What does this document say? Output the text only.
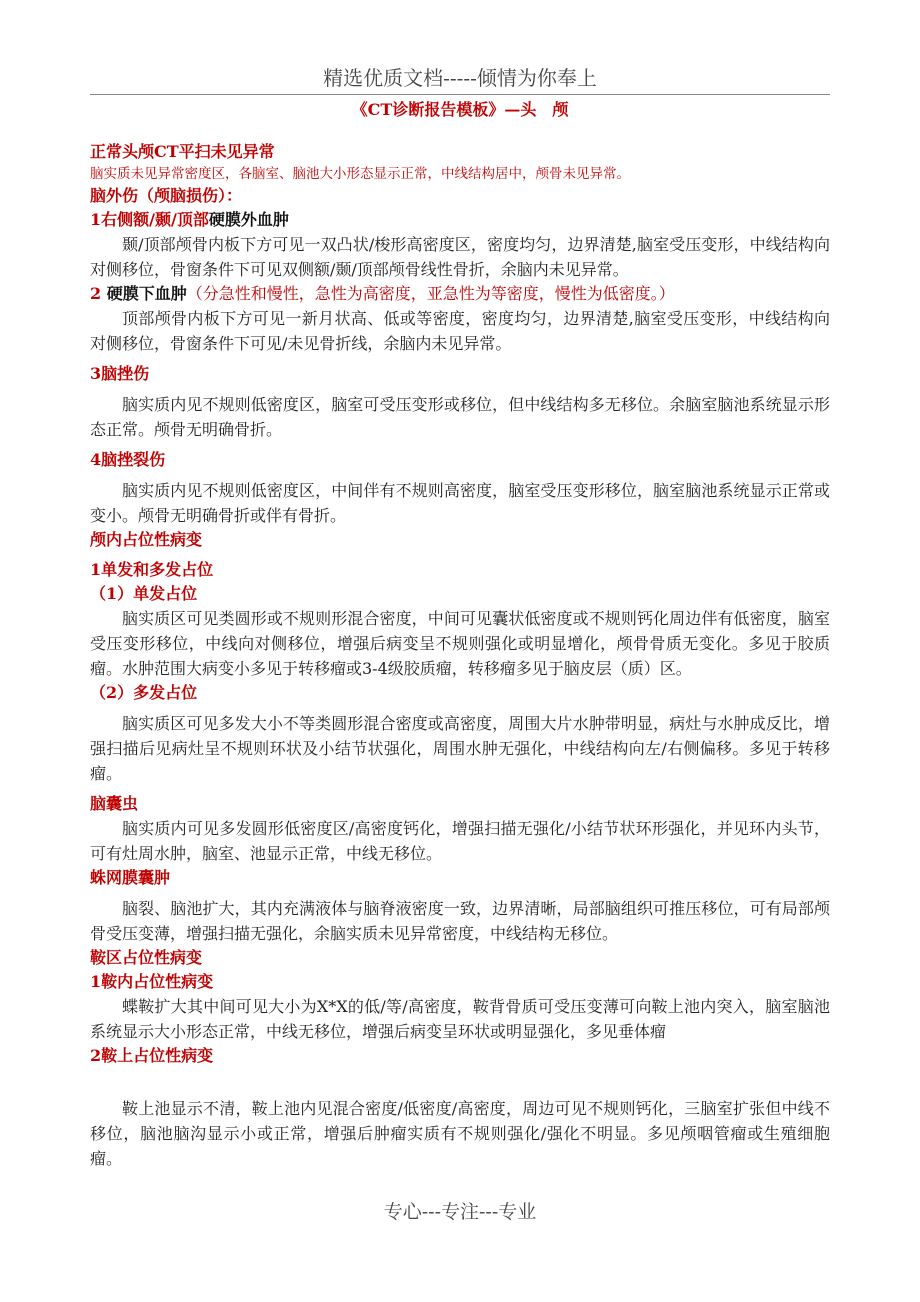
精选优质文档-----倾情为你奉上
《CT诊断报告模板》—头　颅
正常头颅CT平扫未见异常
脑实质未见异常密度区，各脑室、脑池大小形态显示正常，中线结构居中，颅骨未见异常。
脑外伤（颅脑损伤）：
1右侧额/颞/顶部硬膜外血肿
颞/顶部颅骨内板下方可见一双凸状/梭形高密度区，密度均匀，边界清楚,脑室受压变形，中线结构向对侧移位，骨窗条件下可见双侧额/颞/顶部颅骨线性骨折，余脑内未见异常。
2 硬膜下血肿（分急性和慢性，急性为高密度，亚急性为等密度，慢性为低密度。）
顶部颅骨内板下方可见一新月状高、低或等密度，密度均匀，边界清楚,脑室受压变形，中线结构向对侧移位，骨窗条件下可见/未见骨折线，余脑内未见异常。
3脑挫伤
脑实质内见不规则低密度区，脑室可受压变形或移位，但中线结构多无移位。余脑室脑池系统显示形态正常。颅骨无明确骨折。
4脑挫裂伤
脑实质内见不规则低密度区，中间伴有不规则高密度，脑室受压变形移位，脑室脑池系统显示正常或变小。颅骨无明确骨折或伴有骨折。
颅内占位性病变
1单发和多发占位
（1）单发占位
脑实质区可见类圆形或不规则形混合密度，中间可见囊状低密度或不规则钙化周边伴有低密度，脑室受压变形移位，中线向对侧移位，增强后病变呈不规则强化或明显增化，颅骨骨质无变化。多见于胶质瘤。水肿范围大病变小多见于转移瘤或3-4级胶质瘤，转移瘤多见于脑皮层（质）区。
（2）多发占位
脑实质区可见多发大小不等类圆形混合密度或高密度，周围大片水肿带明显，病灶与水肿成反比，增强扫描后见病灶呈不规则环状及小结节状强化，周围水肿无强化，中线结构向左/右侧偏移。多见于转移瘤。
脑囊虫
脑实质内可见多发圆形低密度区/高密度钙化，增强扫描无强化/小结节状环形强化，并见环内头节，可有灶周水肿，脑室、池显示正常，中线无移位。
蛛网膜囊肿
脑裂、脑池扩大，其内充满液体与脑脊液密度一致，边界清晰，局部脑组织可推压移位，可有局部颅骨受压变薄，增强扫描无强化，余脑实质未见异常密度，中线结构无移位。
鞍区占位性病变
1鞍内占位性病变
蝶鞍扩大其中间可见大小为X*X的低/等/高密度，鞍背骨质可受压变薄可向鞍上池内突入，脑室脑池系统显示大小形态正常，中线无移位，增强后病变呈环状或明显强化，多见垂体瘤
2鞍上占位性病变
鞍上池显示不清，鞍上池内见混合密度/低密度/高密度，周边可见不规则钙化，三脑室扩张但中线不移位，脑池脑沟显示小或正常，增强后肿瘤实质有不规则强化/强化不明显。多见颅咽管瘤或生殖细胞瘤。
专心---专注---专业
